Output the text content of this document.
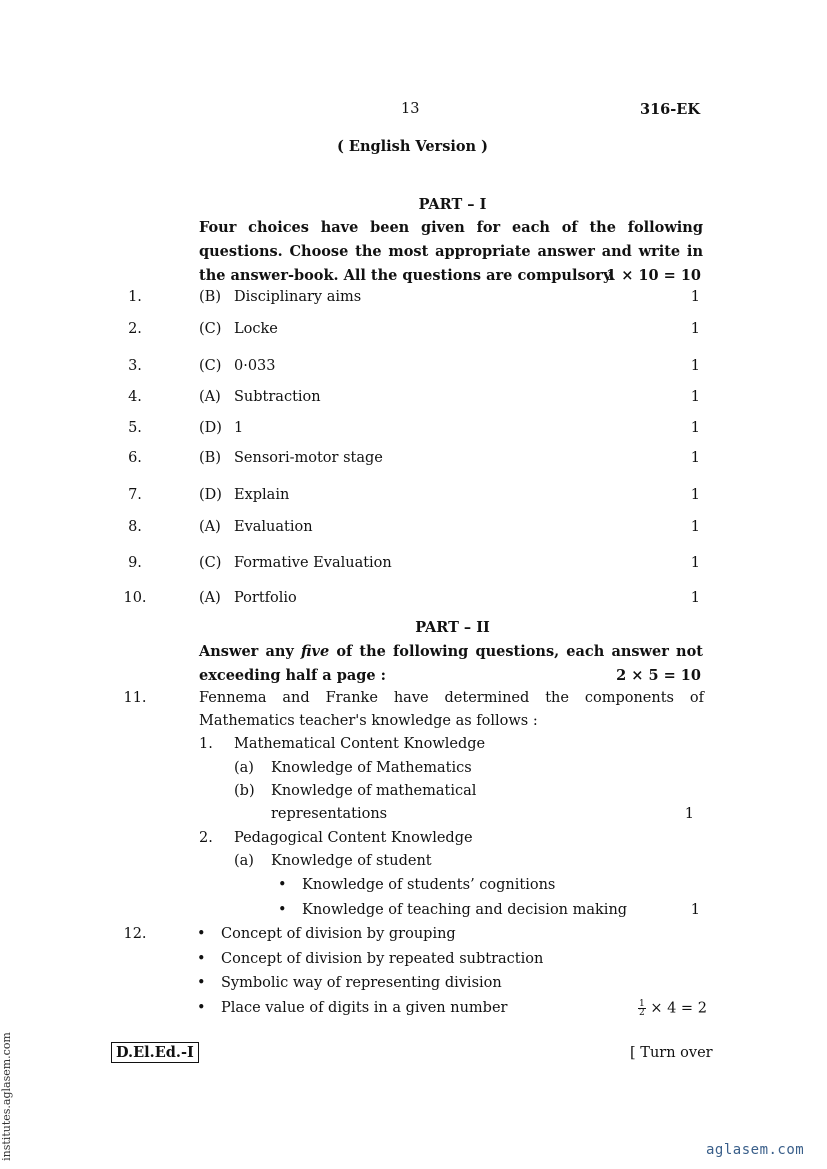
13	316-EK
( English Version )
PART – I
Four choices have been given for each of the following
questions. Choose the most appropriate answer and write in
the answer-book. All the questions are compulsory.
1 × 10 = 10
1.	(B) Disciplinary aims	1
2.	(C) Locke	1
3.	(C) 0·033	1
4.	(A) Subtraction	1
5.	(D) 1	1
6.	(B) Sensori-motor stage	1
7.	(D) Explain	1
8.	(A) Evaluation	1
9.	(C) Formative Evaluation	1
10.	(A) Portfolio	1
PART – II
Answer any five of the following questions, each answer not
exceeding half a page :	2 × 5 = 10
11.	Fennema and Franke have determined the components of
Mathematics teacher's knowledge as follows :
1. Mathematical Content Knowledge
(a) Knowledge of Mathematics
(b) Knowledge of mathematical
representations	1
2. Pedagogical Content Knowledge
(a) Knowledge of student
• Knowledge of students’ cognitions
• Knowledge of teaching and decision making	1
12.
•	Concept of division by grouping
• Concept of division by repeated subtraction
• Symbolic way of representing division
• Place value of digits in a given number	$\frac{1}{2} \times 4 = 2$
D.El.Ed.-I	[ Turn over
aglasem.com
institutes.aglasem.com
